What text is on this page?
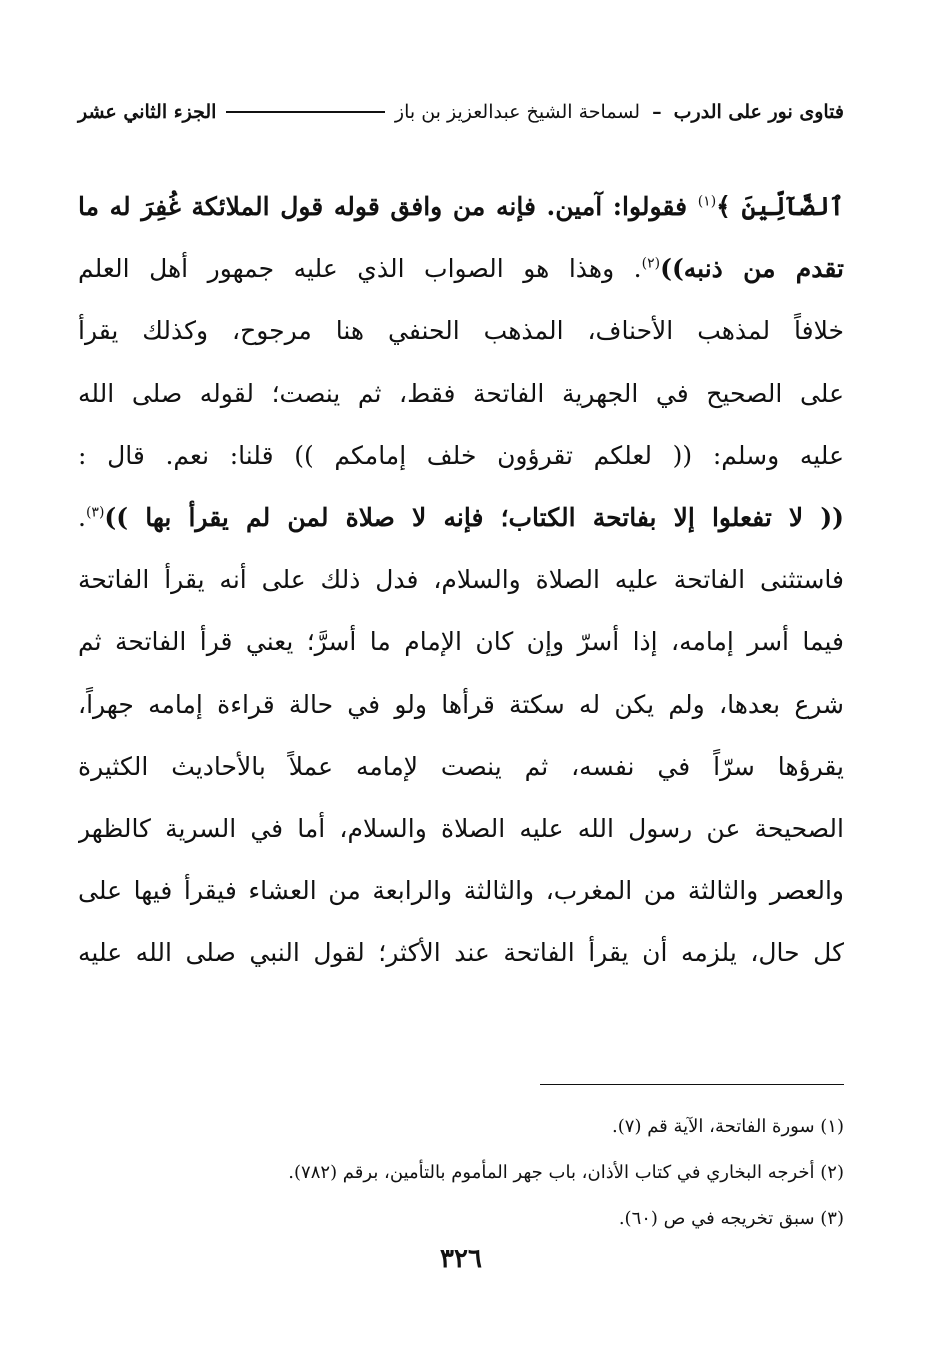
فتاوى نور على الدرب – لسماحة الشيخ عبدالعزيز بن باز
الجزء الثاني عشر
ٱلضَّآلِّينَ ﴾$^{(١)}$ فقولوا: آمين. فإنه من وافق قوله قول الملائكة غُفِرَ له ما
تقدم من ذنبه))$^{(٢)}$. وهذا هو الصواب الذي عليه جمهور أهل العلم
خلافاً لمذهب الأحناف، المذهب الحنفي هنا مرجوح، وكذلك يقرأ
على الصحيح في الجهرية الفاتحة فقط، ثم ينصت؛ لقوله صلى الله
عليه وسلم: (( لعلكم تقرؤون خلف إمامكم )) قلنا: نعم. قال :
(( لا تفعلوا إلا بفاتحة الكتاب؛ فإنه لا صلاة لمن لم يقرأ بها ))$^{(٣)}$.
فاستثنى الفاتحة عليه الصلاة والسلام، فدل ذلك على أنه يقرأ الفاتحة
فيما أسر إمامه، إذا أسرّ وإن كان الإمام ما أسرَّ؛ يعني قرأ الفاتحة ثم
شرع بعدها، ولم يكن له سكتة قرأها ولو في حالة قراءة إمامه جهراً،
يقرؤها سرّاً في نفسه، ثم ينصت لإمامه عملاً بالأحاديث الكثيرة
الصحيحة عن رسول الله عليه الصلاة والسلام، أما في السرية كالظهر
والعصر والثالثة من المغرب، والثالثة والرابعة من العشاء فيقرأ فيها على
كل حال، يلزمه أن يقرأ الفاتحة عند الأكثر؛ لقول النبي صلى الله عليه
(١) سورة الفاتحة، الآية قم (٧).
(٢) أخرجه البخاري في كتاب الأذان، باب جهر المأموم بالتأمين، برقم (٧٨٢).
(٣) سبق تخريجه في ص (٦٠).
٣٢٦
